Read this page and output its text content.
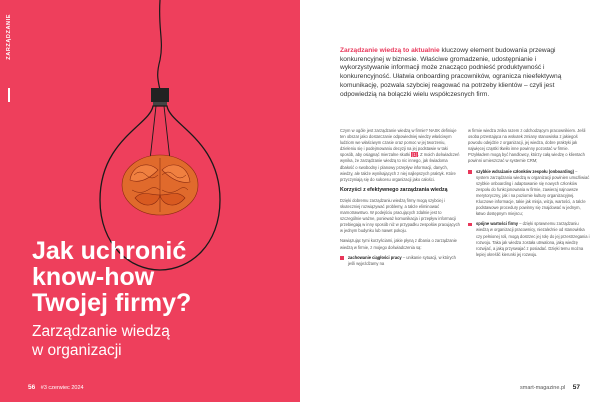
ZARZĄDZANIE
Jak uchronić
know-how
Twojej firmy?
Zarządzanie wiedzą
w organizacji
56 #3 czerwiec 2024

Zarządzanie wiedzą to aktualnie kluczowy element budowania przewagi konkurencyjnej w biznesie. Właściwe gromadzenie, udostępnianie i wykorzystywanie informacji może znacząco podnieść produktywność i konkurencyjność. Ułatwia onboarding pracowników, ogranicza nieefektywną komunikację, pozwala szybciej reagować na potrzeby klientów – czyli jest odpowiedzią na bolączki wielu współczesnych firm.

Czym w ogóle jest zarządzanie wiedzą w firmie? NASK definiuje ten obszar jako dostarczanie odpowiedniej wiedzy właściwym ludziom we właściwym czasie oraz pomoc w jej tworzeniu, dzieleniu się i podejmowaniu decyzji na jej podstawie w taki sposób, aby osiągnąć mierzalne skutki [1]. Z moich doświadczeń wynika, że zarządzanie wiedzą to nic innego, jak świadoma dbałość o swobodny i planowy przepływ informacji, danych, wiedzy, ale także wynikających z niej najlepszych praktyk. Które przyczyniają się do sukcesu organizacji jako całości.

Korzyści z efektywnego zarządzania wiedzą

Dzięki dobremu zarządzaniu wiedzą firmy mogą szybciej i skuteczniej rozwiązywać problemy, a także eliminować marnotrawstwo. W podejściu pracujących zdalnie jest to szczególnie ważne, ponieważ komunikacja i przepływ informacji przebiegają w inny sposób niż w przypadku zespołów pracujących w jednym budynku lub nawet pokoju.

Nawiązując tymi korzyściami, jakie płyną z dbania o zarządzanie wiedzą w firmie, z mojego doświadczenia są:

zachowanie ciągłości pracy – unikanie sytuacji, w których jeśli wyjeżdżamy na

w firmie wiedza znika razem z odchodzącym pracownikiem. Jeśli osoba przestająca na wskutek zmiany stanowiska z jakiegoś powodu odejdzie z organizacji, jej wiedza, dobre praktyki jak najwięcej cząstki tkwiło inne powinny pozostać w firmie. Przykładem mogą być handlowcy, którzy całą wiedzę o klientach powinni umieszczać w systemie CRM;

szybkie wdrażanie członków zespołu (onboarding) – system zarządzania wiedzą w organizacji powinien umożliwiać szybkie onboarding i adaptowanie się nowych członków zespołu do funkcjonowania w firmie, zawieraj najnowsze merytoryczny, jak i na poziomie kultury organizacyjnej. Kluczowe informacje, takie jak misja, wizja, wartości, a także podstawowe procedury powinny się znajdować w jednym, łatwo dostępnym miejscu;

spójne wartości firmy – dzięki sprawnemu zarządzaniu wiedzą w organizacji pracownicy, niezależnie od stanowiska czy pełnionej roli, mogą dostrzec jej rolę do jej przestrzegania i rozwoju. Taka jak wiedza została utrwalona, jaką wiedzę rozwijać, a jaką przyswajać z posiadać. Dzięki temu można lepiej określić kierunki jej rozwoju.

smart-magazine.pl 57
